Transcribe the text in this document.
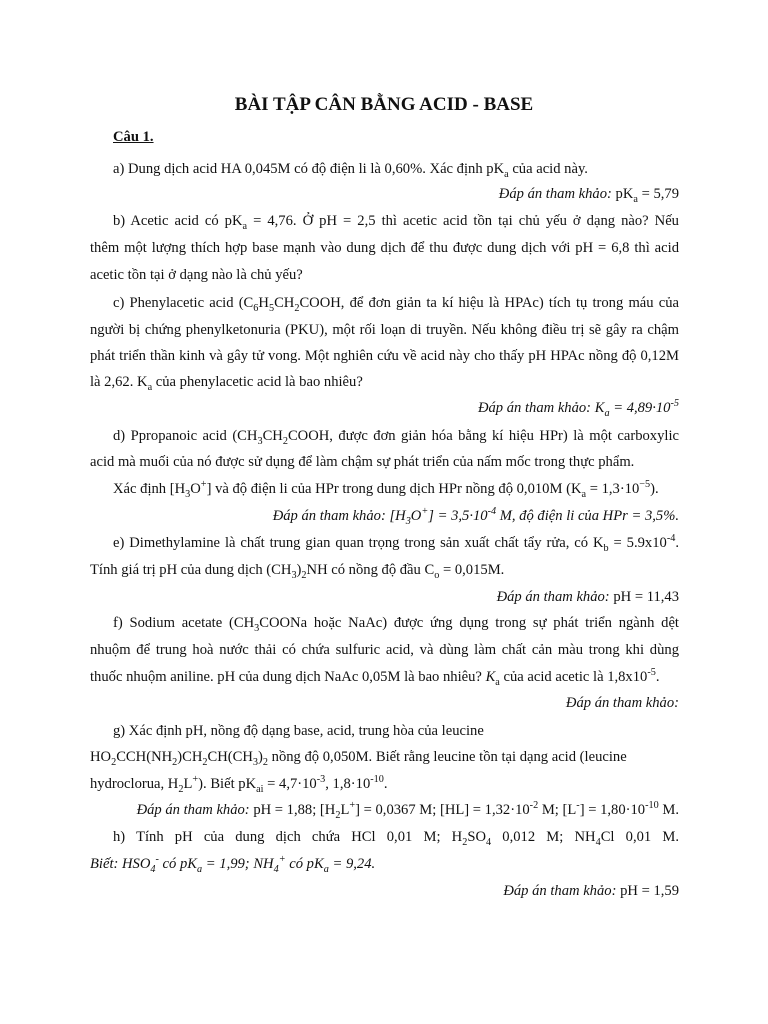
BÀI TẬP CÂN BẰNG ACID - BASE
Câu 1.
a) Dung dịch acid HA 0,045M có độ điện li là 0,60%. Xác định $pK_a$ của acid này.
Đáp án tham khảo: $pK_a = 5,79$
b) Acetic acid có $pK_a = 4,76$. Ở pH = 2,5 thì acetic acid tồn tại chủ yếu ở dạng nào? Nếu
thêm một lượng thích hợp base mạnh vào dung dịch để thu được dung dịch với pH = 6,8 thì acid
acetic tồn tại ở dạng nào là chủ yếu?
c) Phenylacetic acid ($C_6H_5CH_2COOH$, để đơn giản ta kí hiệu là HPAc) tích tụ trong máu của
người bị chứng phenylketonuria (PKU), một rối loạn di truyền. Nếu không điều trị sẽ gây ra chậm
phát triển thần kinh và gây tử vong. Một nghiên cứu về acid này cho thấy pH HPAc nồng độ 0,12M
là 2,62. $K_a$ của phenylacetic acid là bao nhiêu?
Đáp án tham khảo: $K_a = 4,89\cdot 10^{-5}$
d) Ppropanoic acid ($CH_3CH_2COOH$, được đơn giản hóa bằng kí hiệu HPr) là một carboxylic
acid mà muối của nó được sử dụng để làm chậm sự phát triển của nấm mốc trong thực phẩm.
Xác định $[H_3O^+]$ và độ điện li của HPr trong dung dịch HPr nồng độ 0,010M $(K_a = 1,3\cdot 10^{-5})$.
Đáp án tham khảo: $[H_3O^+] = 3,5\cdot 10^{-4}$ M, độ điện li của HPr = 3,5%.
e) Dimethylamine là chất trung gian quan trọng trong sản xuất chất tẩy rửa, có $K_b = 5.9x10^{-4}$.
Tính giá trị pH của dung dịch $(CH_3)_2NH$ có nồng độ đầu $C_o = 0,015M$.
Đáp án tham khảo: pH = 11,43
f) Sodium acetate ($CH_3COONa$ hoặc NaAc) được ứng dụng trong sự phát triển ngành dệt
nhuộm để trung hoà nước thải có chứa sulfuric acid, và dùng làm chất cản màu trong khi dùng
thuốc nhuộm aniline. pH của dung dịch NaAc 0,05M là bao nhiêu? $K_a$ của acid acetic là $1,8x10^{-5}$.
Đáp án tham khảo:
g) Xác định pH, nồng độ dạng base, acid, trung hòa của leucine
$HO_2CCH(NH_2)CH_2CH(CH_3)_2$ nồng độ 0,050M. Biết rằng leucine tồn tại dạng acid (leucine
hydroclorua, $H_2L^+$). Biết $pK_{ai} = 4,7\cdot 10^{-3}$, $1,8\cdot 10^{-10}$.
Đáp án tham khảo: pH = 1,88; $[H_2L^+] = 0,0367$ M; $[HL] = 1,32\cdot 10^{-2}$ M; $[L^-] = 1,80\cdot 10^{-10}$ M.
h) Tính pH của dung dịch chứa HCl 0,01 M; $H_2SO_4$ 0,012 M; $NH_4Cl$ 0,01 M.
Biết: $HSO_4^-$ có $pK_a = 1,99$; $NH_4^+$ có $pK_a = 9,24$.
Đáp án tham khảo: pH = 1,59
